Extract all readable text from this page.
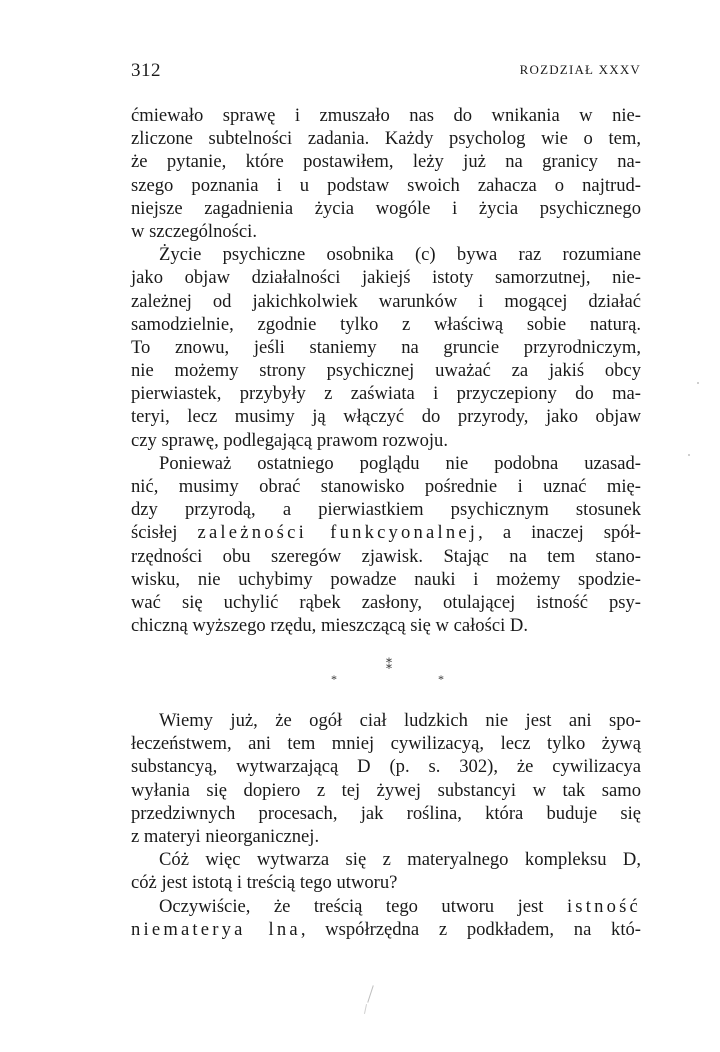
312	ROZDZIAŁ XXXV
ćmiewało sprawę i zmuszało nas do wnikania w nie-
zliczone subtelności zadania. Każdy psycholog wie o tem,
że pytanie, które postawiłem, leży już na granicy na-
szego poznania i u podstaw swoich zahacza o najtrud-
niejsze zagadnienia życia wogóle i życia psychicznego
w szczególności.
Życie psychiczne osobnika (c) bywa raz rozumiane
jako objaw działalności jakiejś istoty samorzutnej, nie-
zależnej od jakichkolwiek warunków i mogącej działać
samodzielnie, zgodnie tylko z właściwą sobie naturą.
To znowu, jeśli staniemy na gruncie przyrodniczym,
nie możemy strony psychicznej uważać za jakiś obcy
pierwiastek, przybyły z zaświata i przyczepiony do ma-
teryi, lecz musimy ją włączyć do przyrody, jako objaw
czy sprawę, podlegającą prawom rozwoju.
Ponieważ ostatniego poglądu nie podobna uzasad-
nić, musimy obrać stanowisko pośrednie i uznać mię-
dzy przyrodą, a pierwiastkiem psychicznym stosunek
ścisłej zależności funkcyonalnej, a inaczej spół-
rzędności obu szeregów zjawisk. Stając na tem stano-
wisku, nie uchybimy powadze nauki i możemy spodzie-
wać się uchylić rąbek zasłony, otulającej istność psy-
chiczną wyższego rzędu, mieszczącą się w całości D.
⁑
*	*
Wiemy już, że ogół ciał ludzkich nie jest ani spo-
łeczeństwem, ani tem mniej cywilizacyą, lecz tylko żywą
substancyą, wytwarzającą D (p. s. 302), że cywilizacya
wyłania się dopiero z tej żywej substancyi w tak samo
przedziwnych procesach, jak roślina, która buduje się
z materyi nieorganicznej.
Cóż więc wytwarza się z materyalnego kompleksu D,
cóż jest istotą i treścią tego utworu?
Oczywiście, że treścią tego utworu jest istność
niematerya lna, współrzędna z podkładem, na któ-
